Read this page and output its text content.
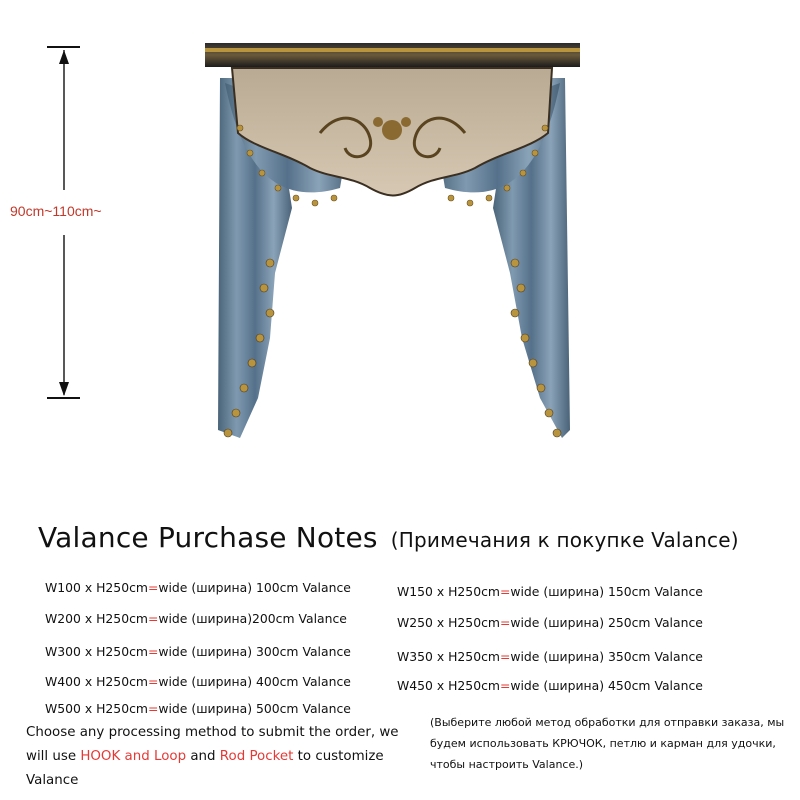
90cm~110cm~
Valance Purchase Notes (Примечания к покупке Valance)
W100 x H250cm=wide (ширина) 100cm Valance
W200 x H250cm=wide (ширина)200cm Valance
W300 x H250cm=wide (ширина) 300cm Valance
W400 x H250cm=wide (ширина) 400cm Valance
W500 x H250cm=wide (ширина) 500cm Valance
W150 x H250cm=wide (ширина) 150cm Valance
W250 x H250cm=wide (ширина) 250cm Valance
W350 x H250cm=wide (ширина) 350cm Valance
W450 x H250cm=wide (ширина) 450cm Valance
Choose any processing method to submit the order, we will use HOOK and Loop and Rod Pocket to customize Valance
(Выберите любой метод обработки для отправки заказа, мы будем использовать КРЮЧОК, петлю и карман для удочки, чтобы настроить Valance.)
